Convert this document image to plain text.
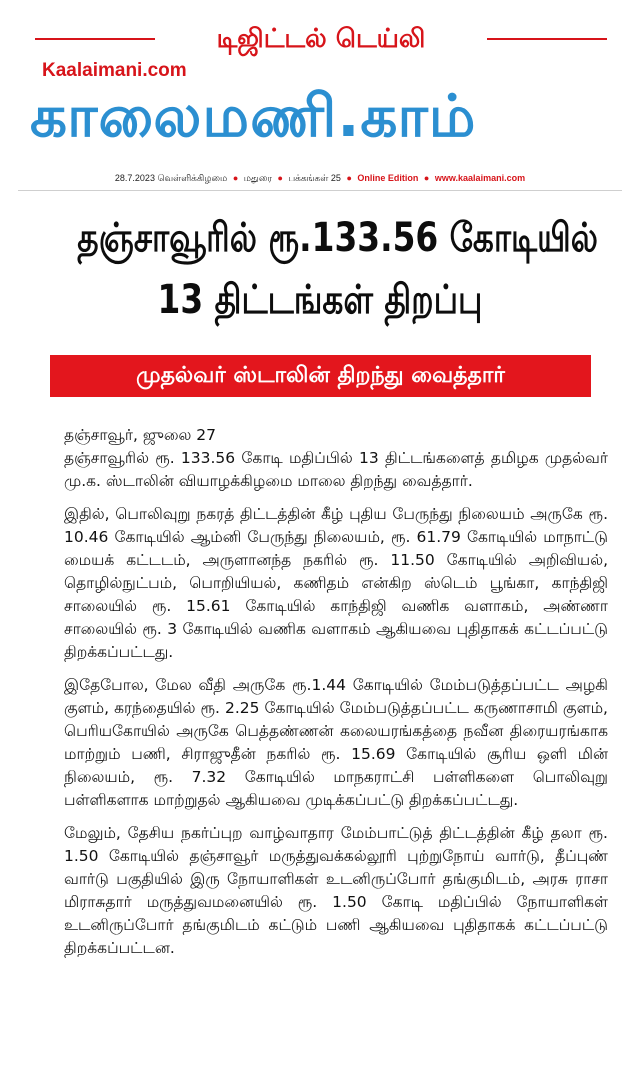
டிஜிட்டல் டெய்லி
Kaalaimani.com
காலைமணி.காம்
28.7.2023 வெள்ளிக்கிழமை ● மதுரை ● பக்கங்கள் 25 ● Online Edition ● www.kaalaimani.com
தஞ்சாவூரில் ரூ.133.56 கோடியில்
13 திட்டங்கள் திறப்பு
முதல்வர் ஸ்டாலின் திறந்து வைத்தார்

தஞ்சாவூர், ஜுலை 27

தஞ்சாவூரில் ரூ. 133.56 கோடி மதிப்பில் 13 திட்டங்களைத் தமிழக முதல்வர் மு.க. ஸ்டாலின் வியாழக்கிழமை மாலை திறந்து வைத்தார்.

இதில், பொலிவுறு நகரத் திட்டத்தின் கீழ் புதிய பேருந்து நிலையம் அருகே ரூ. 10.46 கோடியில் ஆம்னி பேருந்து நிலையம், ரூ. 61.79 கோடியில் மாநாட்டு மையக் கட்டடம், அருளானந்த நகரில் ரூ. 11.50 கோடியில் அறிவியல், தொழில்நுட்பம், பொறியியல், கணிதம் என்கிற ஸ்டெம் பூங்கா, காந்திஜி சாலையில் ரூ. 15.61 கோடியில் காந்திஜி வணிக வளாகம், அண்ணா சாலையில் ரூ. 3 கோடியில் வணிக வளாகம் ஆகியவை புதிதாகக் கட்டப்பட்டு திறக்கப்பட்டது.

இதேபோல, மேல வீதி அருகே ரூ.1.44 கோடியில் மேம்படுத்தப்பட்ட அழகி குளம், கரந்தையில் ரூ. 2.25 கோடியில் மேம்படுத்தப்பட்ட கருணாசாமி குளம், பெரியகோயில் அருகே பெத்தண்ணன் கலையரங்கத்தை நவீன திரையரங்காக மாற்றும் பணி, சிராஜுதீன் நகரில் ரூ. 15.69 கோடியில் சூரிய ஒளி மின் நிலையம், ரூ. 7.32 கோடியில் மாநகராட்சி பள்ளிகளை பொலிவுறு பள்ளிகளாக மாற்றுதல் ஆகியவை முடிக்கப்பட்டு திறக்கப்பட்டது.

மேலும், தேசிய நகர்ப்புற வாழ்வாதார மேம்பாட்டுத் திட்டத்தின் கீழ் தலா ரூ. 1.50 கோடியில் தஞ்சாவூர் மருத்துவக்கல்லூரி புற்றுநோய் வார்டு, தீப்புண் வார்டு பகுதியில் இரு நோயாளிகள் உடனிருப்போர் தங்குமிடம், அரசு ராசா மிராசுதார் மருத்துவமனையில் ரூ. 1.50 கோடி மதிப்பில் நோயாளிகள் உடனிருப்போர் தங்குமிடம் கட்டும் பணி ஆகியவை புதிதாகக் கட்டப்பட்டு திறக்கப்பட்டன.
